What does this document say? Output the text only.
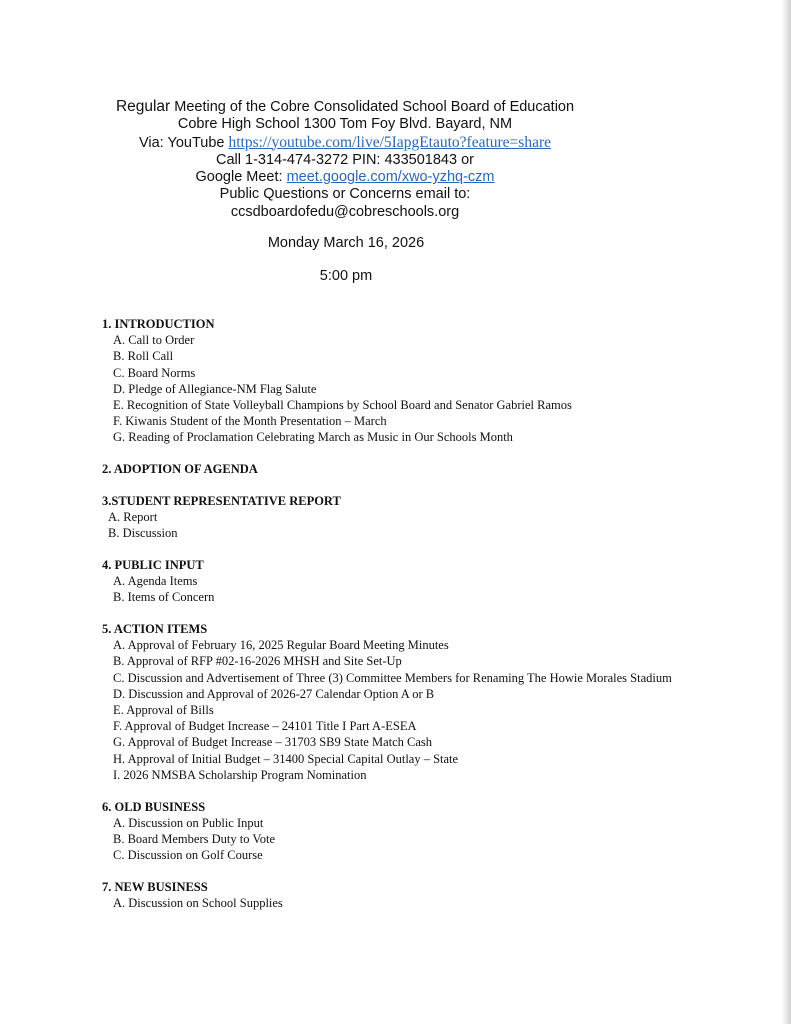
Regular Meeting of the Cobre Consolidated School Board of Education
Cobre High School 1300 Tom Foy Blvd. Bayard, NM
Via: YouTube https://youtube.com/live/5IapgEtauto?feature=share
Call 1-314-474-3272 PIN: 433501843 or
Google Meet: meet.google.com/xwo-yzhq-czm
Public Questions or Concerns email to:
ccsdboardofedu@cobreschools.org
Monday March 16, 2026
5:00 pm
1. INTRODUCTION
A. Call to Order
B. Roll Call
C. Board Norms
D. Pledge of Allegiance-NM Flag Salute
E. Recognition of State Volleyball Champions by School Board and Senator Gabriel Ramos
F. Kiwanis Student of the Month Presentation – March
G. Reading of Proclamation Celebrating March as Music in Our Schools Month
2. ADOPTION OF AGENDA
3.STUDENT REPRESENTATIVE REPORT
A. Report
B. Discussion
4. PUBLIC INPUT
A. Agenda Items
B. Items of Concern
5. ACTION ITEMS
A. Approval of February 16, 2025 Regular Board Meeting Minutes
B. Approval of RFP #02-16-2026 MHSH and Site Set-Up
C. Discussion and Advertisement of Three (3) Committee Members for Renaming The Howie Morales Stadium
D. Discussion and Approval of 2026-27 Calendar Option A or B
E. Approval of Bills
F. Approval of Budget Increase – 24101 Title I Part A-ESEA
G. Approval of Budget Increase – 31703 SB9 State Match Cash
H. Approval of Initial Budget – 31400 Special Capital Outlay – State
I. 2026 NMSBA Scholarship Program Nomination
6. OLD BUSINESS
A. Discussion on Public Input
B. Board Members Duty to Vote
C. Discussion on Golf Course
7. NEW BUSINESS
A. Discussion on School Supplies
